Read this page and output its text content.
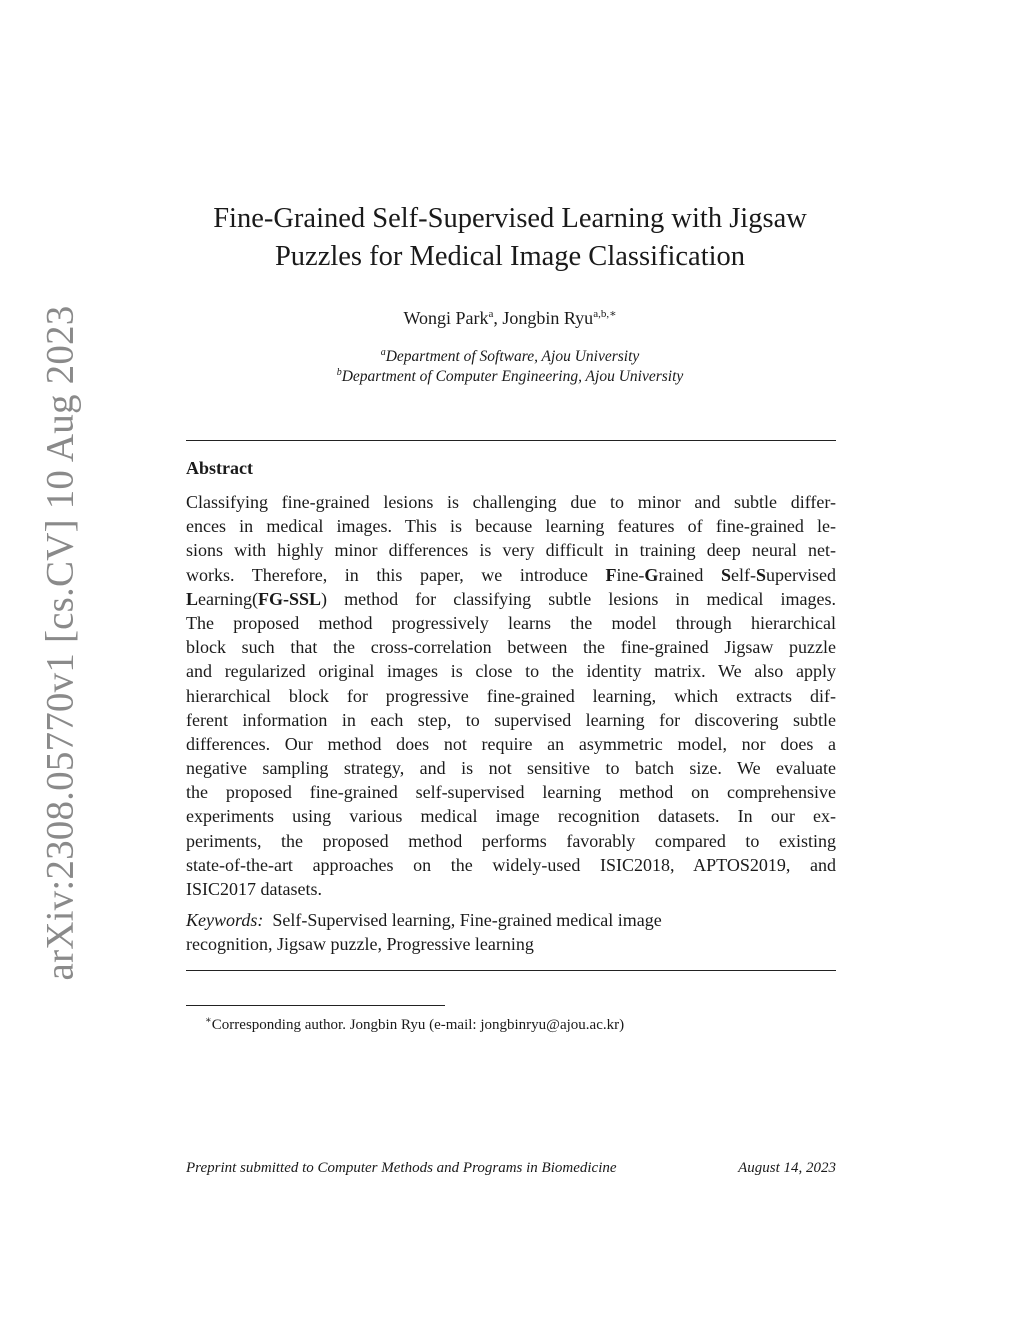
arXiv:2308.05770v1 [cs.CV] 10 Aug 2023
Fine-Grained Self-Supervised Learning with Jigsaw
Puzzles for Medical Image Classification
Wongi Park$^a$, Jongbin Ryu$^{a,b,∗}$
$^a$Department of Software, Ajou University
$^b$Department of Computer Engineering, Ajou University
Abstract
Classifying fine-grained lesions is challenging due to minor and subtle differ-
ences in medical images. This is because learning features of fine-grained le-
sions with highly minor differences is very difficult in training deep neural net-
works. Therefore, in this paper, we introduce Fine-Grained Self-Supervised
Learning(FG-SSL) method for classifying subtle lesions in medical images.
The proposed method progressively learns the model through hierarchical
block such that the cross-correlation between the fine-grained Jigsaw puzzle
and regularized original images is close to the identity matrix. We also apply
hierarchical block for progressive fine-grained learning, which extracts dif-
ferent information in each step, to supervised learning for discovering subtle
differences. Our method does not require an asymmetric model, nor does a
negative sampling strategy, and is not sensitive to batch size. We evaluate
the proposed fine-grained self-supervised learning method on comprehensive
experiments using various medical image recognition datasets. In our ex-
periments, the proposed method performs favorably compared to existing
state-of-the-art approaches on the widely-used ISIC2018, APTOS2019, and
ISIC2017 datasets.
Keywords: Self-Supervised learning, Fine-grained medical image
recognition, Jigsaw puzzle, Progressive learning
∗Corresponding author. Jongbin Ryu (e-mail: jongbinryu@ajou.ac.kr)
Preprint submitted to Computer Methods and Programs in Biomedicine	August 14, 2023
